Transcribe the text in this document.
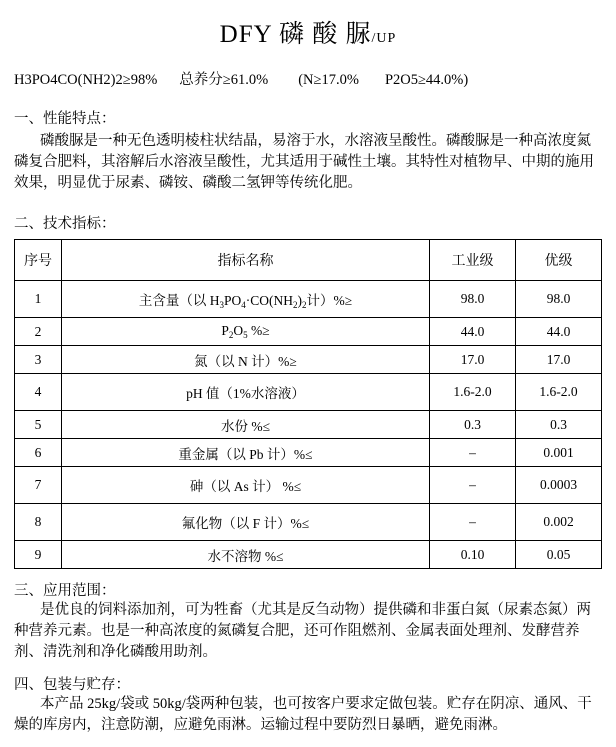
DFY 磷 酸 脲/UP
H3PO4CO(NH2)2≥98% 总养分≥61.0% (N≥17.0% P2O5≥44.0%)
一、性能特点：
磷酸脲是一种无色透明棱柱状结晶，易溶于水，水溶液呈酸性。磷酸脲是一种高浓度氮磷复合肥料，其溶解后水溶液呈酸性，尤其适用于碱性土壤。其特性对植物早、中期的施用效果，明显优于尿素、磷铵、磷酸二氢钾等传统化肥。
二、技术指标：
序号	指标名称	工业级	优级
1	主含量（以 $H_3PO_4\cdot CO(NH_2)_2$计）%≥	98.0	98.0
2	$P_2O_5$ %≥	44.0	44.0
3	氮（以 N 计）%≥	17.0	17.0
4	pH 值（1%水溶液）	1.6-2.0	1.6-2.0
5	水份 %≤	0.3	0.3
6	重金属（以 Pb 计）%≤	–	0.001
7	砷（以 As 计） %≤	–	0.0003
8	氟化物（以 F 计）%≤	–	0.002
9	水不溶物 %≤	0.10	0.05
三、应用范围：
是优良的饲料添加剂，可为牲畜（尤其是反刍动物）提供磷和非蛋白氮（尿素态氮）两种营养元素。也是一种高浓度的氮磷复合肥，还可作阻燃剂、金属表面处理剂、发酵营养剂、清洗剂和净化磷酸用助剂。
四、包装与贮存：
本产品 25kg/袋或 50kg/袋两种包装，也可按客户要求定做包装。贮存在阴凉、通风、干燥的库房内，注意防潮，应避免雨淋。运输过程中要防烈日暴晒，避免雨淋。
